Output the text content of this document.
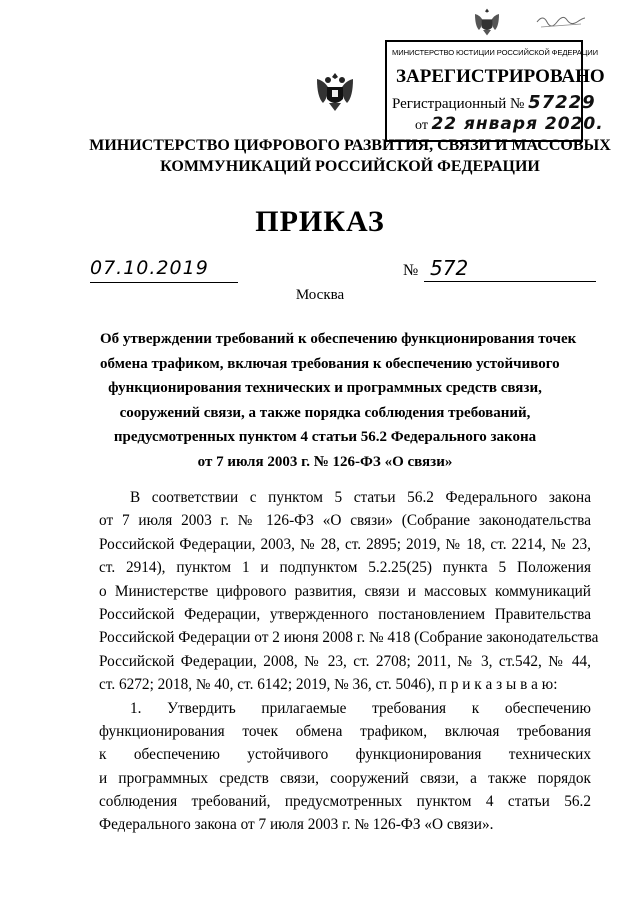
МИНИСТЕРСТВО ЮСТИЦИИ РОССИЙСКОЙ ФЕДЕРАЦИИ
ЗАРЕГИСТРИРОВАНО
Регистрационный № 57229
от 22 января 2020.
МИНИСТЕРСТВО ЦИФРОВОГО РАЗВИТИЯ, СВЯЗИ И МАССОВЫХ
КОММУНИКАЦИЙ РОССИЙСКОЙ ФЕДЕРАЦИИ
ПРИКАЗ
07.10.2019	№ 572
Москва
Об утверждении требований к обеспечению функционирования точек
обмена трафиком, включая требования к обеспечению устойчивого
функционирования технических и программных средств связи,
сооружений связи, а также порядка соблюдения требований,
предусмотренных пунктом 4 статьи 56.2 Федерального закона
от 7 июля 2003 г. № 126-ФЗ «О связи»
В соответствии с пунктом 5 статьи 56.2 Федерального закона
от 7 июля 2003 г. № 126-ФЗ «О связи» (Собрание законодательства
Российской Федерации, 2003, № 28, ст. 2895; 2019, № 18, ст. 2214, № 23,
ст. 2914), пунктом 1 и подпунктом 5.2.25(25) пункта 5 Положения
о Министерстве цифрового развития, связи и массовых коммуникаций
Российской Федерации, утвержденного постановлением Правительства
Российской Федерации от 2 июня 2008 г. № 418 (Собрание законодательства
Российской Федерации, 2008, № 23, ст. 2708; 2011, № 3, ст.542, № 44,
ст. 6272; 2018, № 40, ст. 6142; 2019, № 36, ст. 5046), п р и к а з ы в а ю:
1. Утвердить прилагаемые требования к обеспечению
функционирования точек обмена трафиком, включая требования
к обеспечению устойчивого функционирования технических
и программных средств связи, сооружений связи, а также порядок
соблюдения требований, предусмотренных пунктом 4 статьи 56.2
Федерального закона от 7 июля 2003 г. № 126-ФЗ «О связи».
